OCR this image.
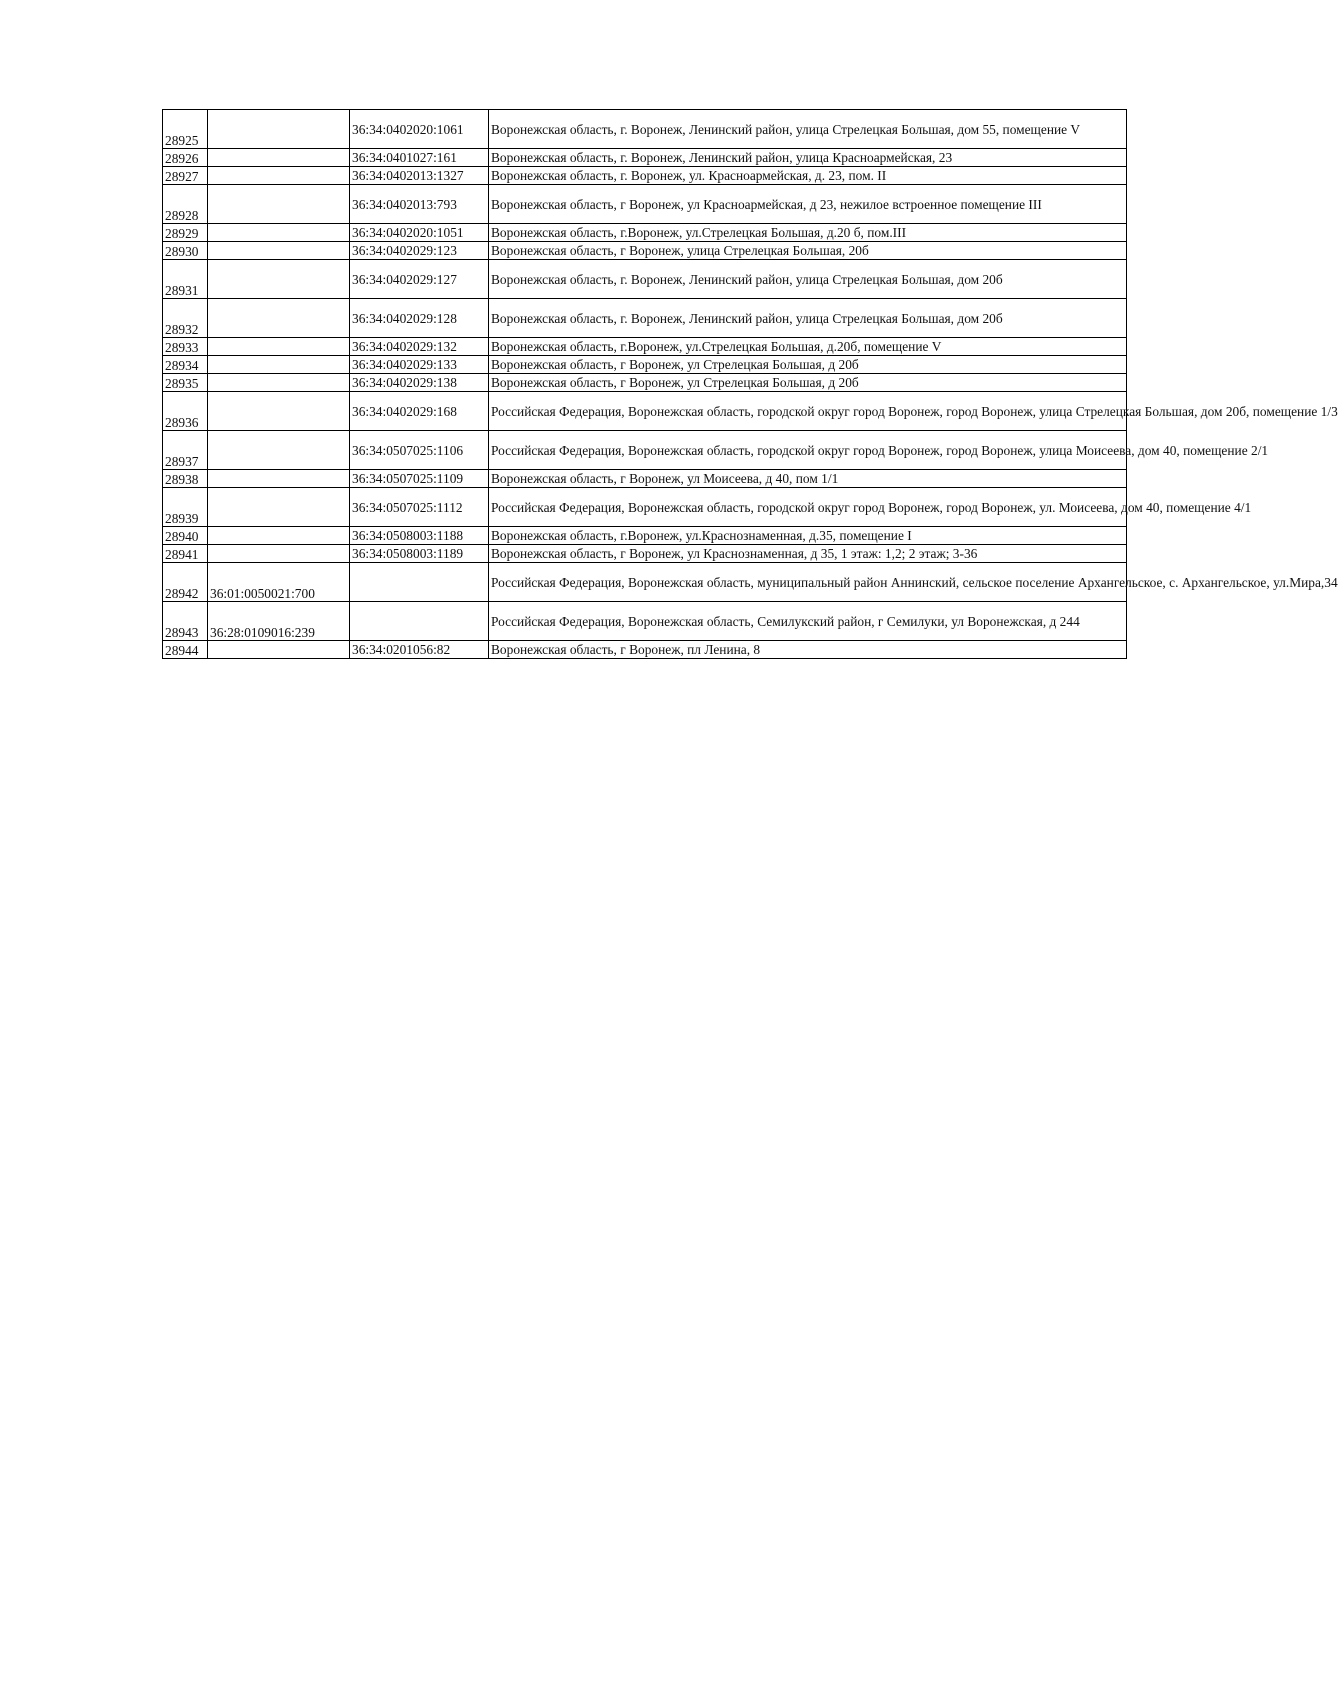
28925		36:34:0402020:1061	Воронежская область, г. Воронеж, Ленинский район, улица Стрелецкая Большая, дом 55, помещение V
28926		36:34:0401027:161	Воронежская область, г. Воронеж, Ленинский район, улица Красноармейская, 23
28927		36:34:0402013:1327	Воронежская область, г. Воронеж, ул. Красноармейская, д. 23, пом. II
28928		36:34:0402013:793	Воронежская область, г Воронеж, ул Красноармейская, д 23, нежилое встроенное помещение III
28929		36:34:0402020:1051	Воронежская область, г.Воронеж, ул.Стрелецкая Большая, д.20 б, пом.III
28930		36:34:0402029:123	Воронежская область, г Воронеж, улица Стрелецкая Большая, 20б
28931		36:34:0402029:127	Воронежская область, г. Воронеж, Ленинский район, улица Стрелецкая Большая, дом 20б
28932		36:34:0402029:128	Воронежская область, г. Воронеж, Ленинский район, улица Стрелецкая Большая, дом 20б
28933		36:34:0402029:132	Воронежская область, г.Воронеж, ул.Стрелецкая Большая, д.20б, помещение V
28934		36:34:0402029:133	Воронежская область, г Воронеж, ул Стрелецкая Большая, д 20б
28935		36:34:0402029:138	Воронежская область, г Воронеж, ул Стрелецкая Большая, д 20б
28936		36:34:0402029:168	Российская Федерация, Воронежская область, городской округ город Воронеж, город Воронеж, улица Стрелецкая Большая, дом 20б, помещение 1/3
28937		36:34:0507025:1106	Российская Федерация, Воронежская область, городской округ город Воронеж, город Воронеж, улица Моисеева, дом 40, помещение 2/1
28938		36:34:0507025:1109	Воронежская область, г Воронеж, ул Моисеева, д 40, пом 1/1
28939		36:34:0507025:1112	Российская Федерация, Воронежская область, городской округ город Воронеж, город Воронеж, ул. Моисеева, дом 40, помещение 4/1
28940		36:34:0508003:1188	Воронежская область, г.Воронеж, ул.Краснознаменная, д.35, помещение I
28941		36:34:0508003:1189	Воронежская область, г Воронеж, ул Краснознаменная, д 35, 1 этаж: 1,2; 2 этаж; 3-36
28942	36:01:0050021:700		Российская Федерация, Воронежская область, муниципальный район Аннинский, сельское поселение Архангельское, с. Архангельское, ул.Мира,34
28943	36:28:0109016:239		Российская Федерация, Воронежская область, Семилукский район, г Семилуки, ул Воронежская, д 244
28944		36:34:0201056:82	Воронежская область, г Воронеж, пл Ленина, 8
